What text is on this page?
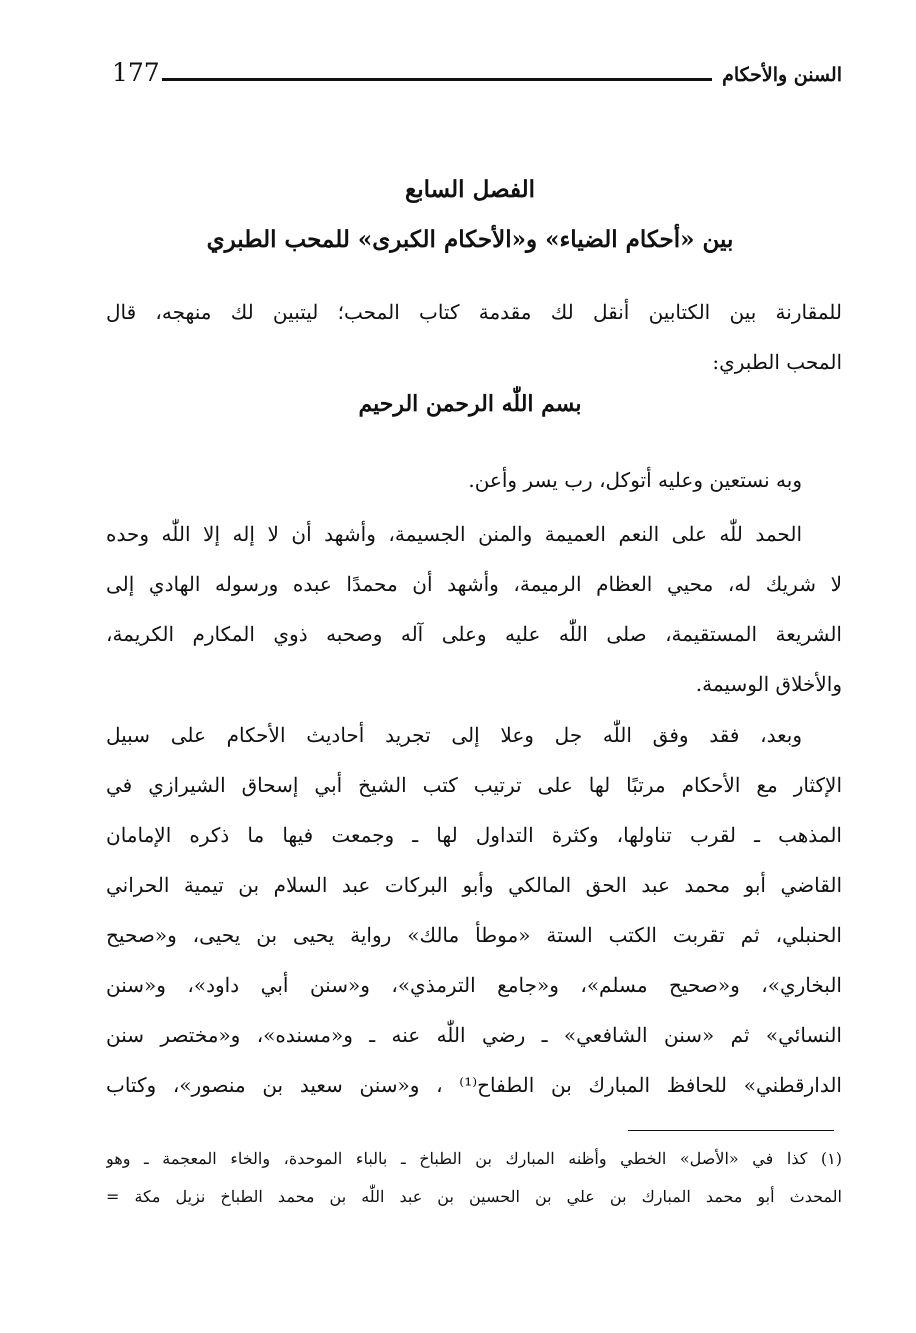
177	السنن والأحكام
الفصل السابع
بين «أحكام الضياء» و«الأحكام الكبرى» للمحب الطبري
للمقارنة بين الكتابين أنقل لك مقدمة كتاب المحب؛ ليتبين لك منهجه، قال
المحب الطبري:
بسم اللّٰه الرحمن الرحيم
وبه نستعين وعليه أتوكل، رب يسر وأعن.
الحمد للّٰه على النعم العميمة والمنن الجسيمة، وأشهد أن لا إله إلا اللّٰه وحده
لا شريك له، محيي العظام الرميمة، وأشهد أن محمدًا عبده ورسوله الهادي إلى
الشريعة المستقيمة، صلى اللّٰه عليه وعلى آله وصحبه ذوي المكارم الكريمة،
والأخلاق الوسيمة.
وبعد، فقد وفق اللّٰه جل وعلا إلى تجريد أحاديث الأحكام على سبيل
الإكثار مع الأحكام مرتبًا لها على ترتيب كتب الشيخ أبي إسحاق الشيرازي في
المذهب ـ لقرب تناولها، وكثرة التداول لها ـ وجمعت فيها ما ذكره الإمامان
القاضي أبو محمد عبد الحق المالكي وأبو البركات عبد السلام بن تيمية الحراني
الحنبلي، ثم تقربت الكتب الستة «موطأ مالك» رواية يحيى بن يحيى، و«صحيح
البخاري»، و«صحيح مسلم»، و«جامع الترمذي»، و«سنن أبي داود»، و«سنن
النسائي» ثم «سنن الشافعي» ـ رضي اللّٰه عنه ـ و«مسنده»، و«مختصر سنن
الدارقطني» للحافظ المبارك بن الطفاح⁽¹⁾ ، و«سنن سعيد بن منصور»، وكتاب
(١) كذا في «الأصل» الخطي وأظنه المبارك بن الطباخ ـ بالباء الموحدة، والخاء المعجمة ـ وهو
المحدث أبو محمد المبارك بن علي بن الحسين بن عبد اللّٰه بن محمد الطباخ نزيل مكة =
